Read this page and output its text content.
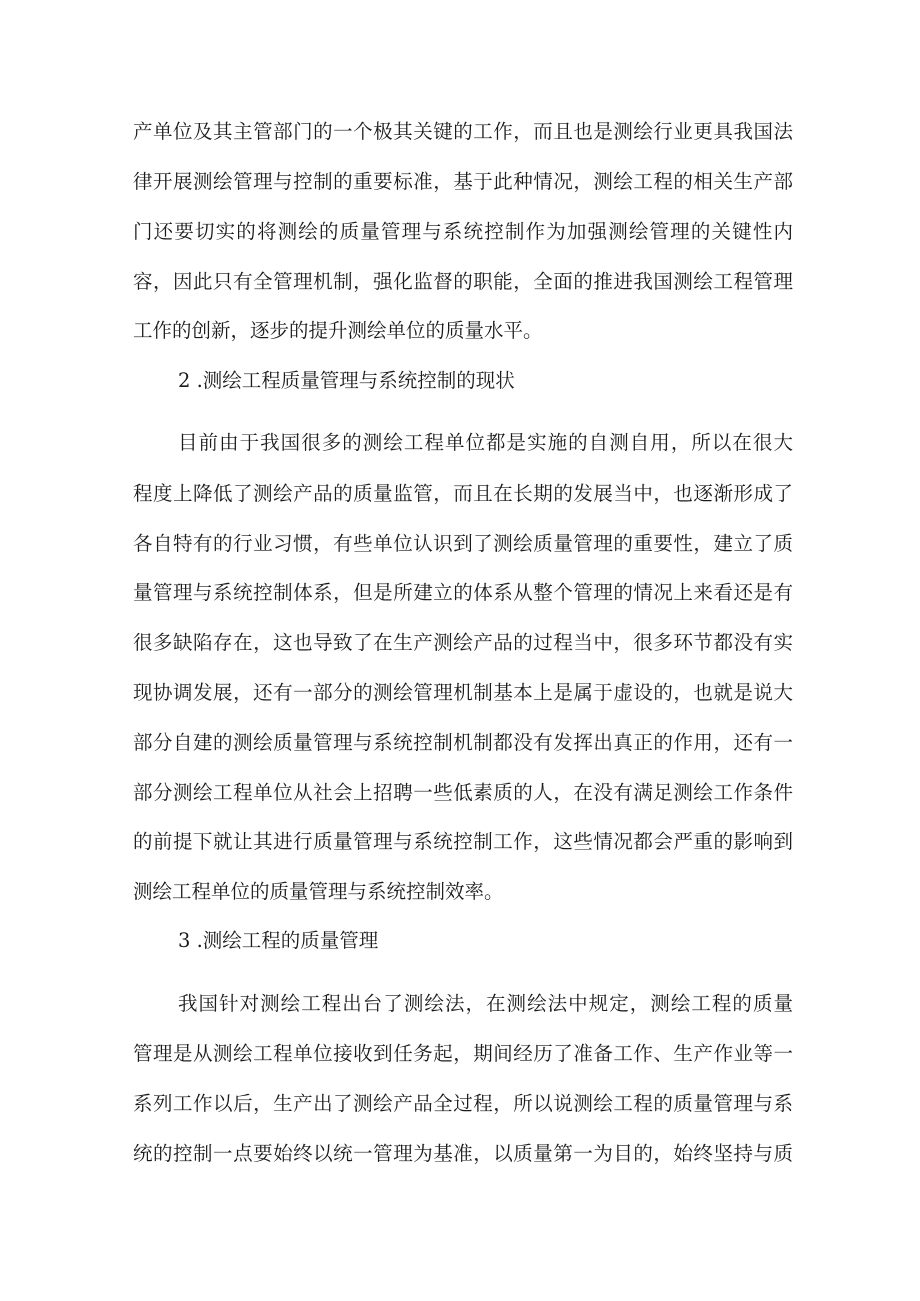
产单位及其主管部门的一个极其关键的工作，而且也是测绘行业更具我国法
律开展测绘管理与控制的重要标准，基于此种情况，测绘工程的相关生产部
门还要切实的将测绘的质量管理与系统控制作为加强测绘管理的关键性内
容，因此只有全管理机制，强化监督的职能，全面的推进我国测绘工程管理
工作的创新，逐步的提升测绘单位的质量水平。
2 .测绘工程质量管理与系统控制的现状
目前由于我国很多的测绘工程单位都是实施的自测自用，所以在很大
程度上降低了测绘产品的质量监管，而且在长期的发展当中，也逐渐形成了
各自特有的行业习惯，有些单位认识到了测绘质量管理的重要性，建立了质
量管理与系统控制体系，但是所建立的体系从整个管理的情况上来看还是有
很多缺陷存在，这也导致了在生产测绘产品的过程当中，很多环节都没有实
现协调发展，还有一部分的测绘管理机制基本上是属于虚设的，也就是说大
部分自建的测绘质量管理与系统控制机制都没有发挥出真正的作用，还有一
部分测绘工程单位从社会上招聘一些低素质的人，在没有满足测绘工作条件
的前提下就让其进行质量管理与系统控制工作，这些情况都会严重的影响到
测绘工程单位的质量管理与系统控制效率。
3 .测绘工程的质量管理
我国针对测绘工程出台了测绘法，在测绘法中规定，测绘工程的质量
管理是从测绘工程单位接收到任务起，期间经历了准备工作、生产作业等一
系列工作以后，生产出了测绘产品全过程，所以说测绘工程的质量管理与系
统的控制一点要始终以统一管理为基准，以质量第一为目的，始终坚持与质
